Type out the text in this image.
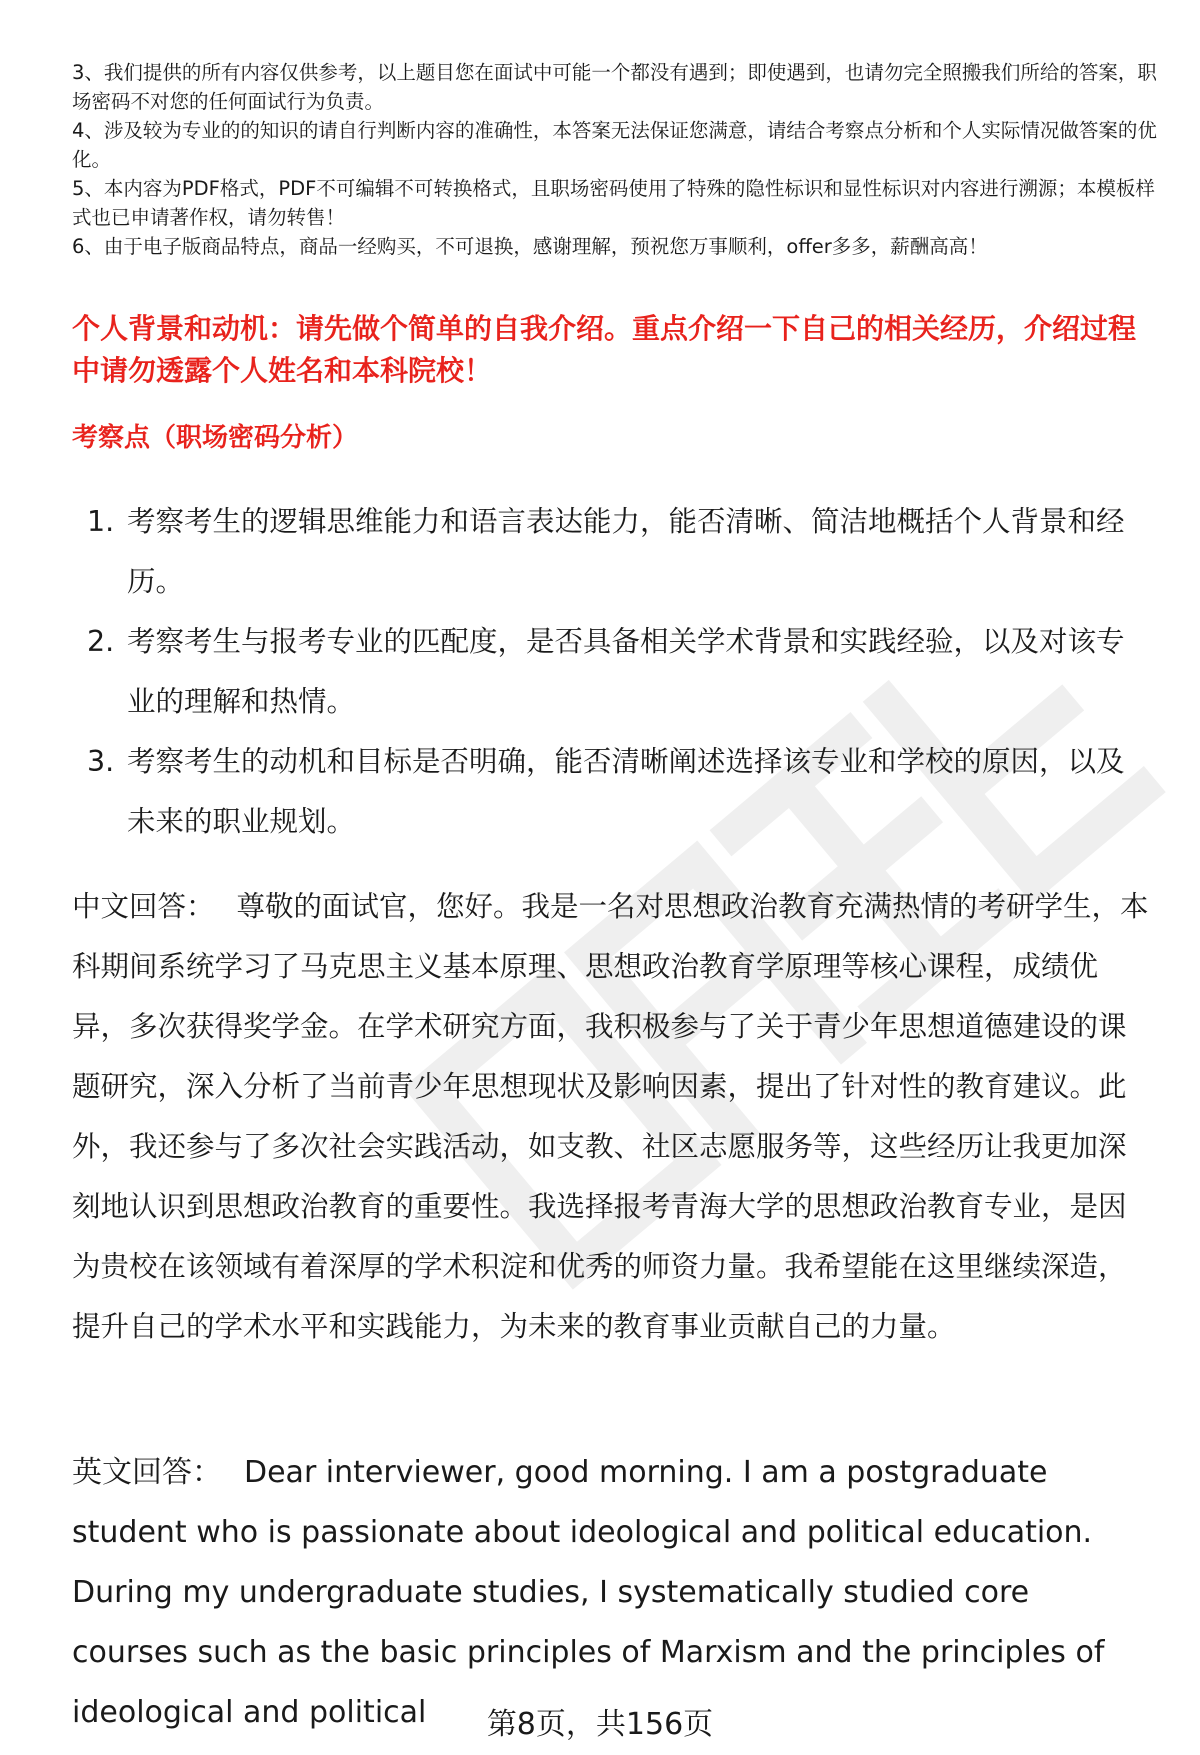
3、我们提供的所有内容仅供参考，以上题目您在面试中可能一个都没有遇到；即使遇到，也请勿完全照搬我们所给的答案，职场密码不对您的任何面试行为负责。

4、涉及较为专业的的知识的请自行判断内容的准确性，本答案无法保证您满意，请结合考察点分析和个人实际情况做答案的优化。

5、本内容为PDF格式，PDF不可编辑不可转换格式，且职场密码使用了特殊的隐性标识和显性标识对内容进行溯源；本模板样式也已申请著作权，请勿转售！

6、由于电子版商品特点，商品一经购买，不可退换，感谢理解，预祝您万事顺利，offer多多，薪酬高高！

个人背景和动机：请先做个简单的自我介绍。重点介绍一下自己的相关经历，介绍过程中请勿透露个人姓名和本科院校！
考察点（职场密码分析）
1. 考察考生的逻辑思维能力和语言表达能力，能否清晰、简洁地概括个人背景和经历。
2. 考察考生与报考专业的匹配度，是否具备相关学术背景和实践经验，以及对该专业的理解和热情。
3. 考察考生的动机和目标是否明确，能否清晰阐述选择该专业和学校的原因，以及未来的职业规划。

中文回答： 尊敬的面试官，您好。我是一名对思想政治教育充满热情的考研学生，本科期间系统学习了马克思主义基本原理、思想政治教育学原理等核心课程，成绩优异，多次获得奖学金。在学术研究方面，我积极参与了关于青少年思想道德建设的课题研究，深入分析了当前青少年思想现状及影响因素，提出了针对性的教育建议。此外，我还参与了多次社会实践活动，如支教、社区志愿服务等，这些经历让我更加深刻地认识到思想政治教育的重要性。我选择报考青海大学的思想政治教育专业，是因为贵校在该领域有着深厚的学术积淀和优秀的师资力量。我希望能在这里继续深造，提升自己的学术水平和实践能力，为未来的教育事业贡献自己的力量。

英文回答： Dear interviewer, good morning. I am a postgraduate student who is passionate about ideological and political education. During my undergraduate studies, I systematically studied core courses such as the basic principles of Marxism and the principles of ideological and political	第8页，共156页
